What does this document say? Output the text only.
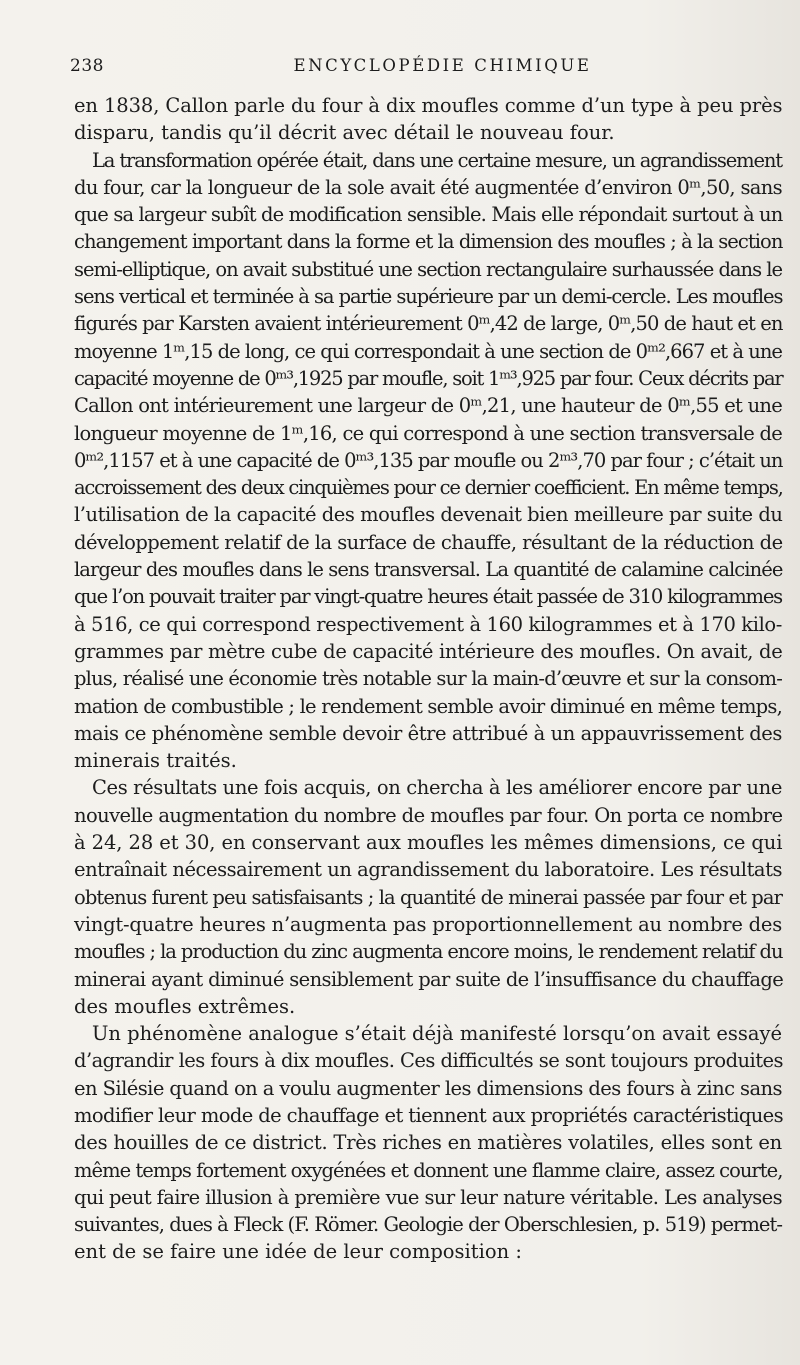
238	ENCYCLOPÉDIE CHIMIQUE
en 1838, Callon parle du four à dix moufles comme d’un type à peu près
disparu, tandis qu’il décrit avec détail le nouveau four.
La transformation opérée était, dans une certaine mesure, un agrandissement
du four, car la longueur de la sole avait été augmentée d’environ 0ᵐ,50, sans
que sa largeur subît de modification sensible. Mais elle répondait surtout à un
changement important dans la forme et la dimension des moufles ; à la section
semi-elliptique, on avait substitué une section rectangulaire surhaussée dans le
sens vertical et terminée à sa partie supérieure par un demi-cercle. Les moufles
figurés par Karsten avaient intérieurement 0ᵐ,42 de large, 0ᵐ,50 de haut et en
moyenne 1ᵐ,15 de long, ce qui correspondait à une section de 0ᵐ²,667 et à une
capacité moyenne de 0ᵐ³,1925 par moufle, soit 1ᵐ³,925 par four. Ceux décrits par
Callon ont intérieurement une largeur de 0ᵐ,21, une hauteur de 0ᵐ,55 et une
longueur moyenne de 1ᵐ,16, ce qui correspond à une section transversale de
0ᵐ²,1157 et à une capacité de 0ᵐ³,135 par moufle ou 2ᵐ³,70 par four ; c’était un
accroissement des deux cinquièmes pour ce dernier coefficient. En même temps,
l’utilisation de la capacité des moufles devenait bien meilleure par suite du
développement relatif de la surface de chauffe, résultant de la réduction de
largeur des moufles dans le sens transversal. La quantité de calamine calcinée
que l’on pouvait traiter par vingt-quatre heures était passée de 310 kilogrammes
à 516, ce qui correspond respectivement à 160 kilogrammes et à 170 kilo-
grammes par mètre cube de capacité intérieure des moufles. On avait, de
plus, réalisé une économie très notable sur la main-d’œuvre et sur la consom-
mation de combustible ; le rendement semble avoir diminué en même temps,
mais ce phénomène semble devoir être attribué à un appauvrissement des
minerais traités.
Ces résultats une fois acquis, on chercha à les améliorer encore par une
nouvelle augmentation du nombre de moufles par four. On porta ce nombre
à 24, 28 et 30, en conservant aux moufles les mêmes dimensions, ce qui
entraînait nécessairement un agrandissement du laboratoire. Les résultats
obtenus furent peu satisfaisants ; la quantité de minerai passée par four et par
vingt-quatre heures n’augmenta pas proportionnellement au nombre des
moufles ; la production du zinc augmenta encore moins, le rendement relatif du
minerai ayant diminué sensiblement par suite de l’insuffisance du chauffage
des moufles extrêmes.
Un phénomène analogue s’était déjà manifesté lorsqu’on avait essayé
d’agrandir les fours à dix moufles. Ces difficultés se sont toujours produites
en Silésie quand on a voulu augmenter les dimensions des fours à zinc sans
modifier leur mode de chauffage et tiennent aux propriétés caractéristiques
des houilles de ce district. Très riches en matières volatiles, elles sont en
même temps fortement oxygénées et donnent une flamme claire, assez courte,
qui peut faire illusion à première vue sur leur nature véritable. Les analyses
suivantes, dues à Fleck (F. Römer. Geologie der Oberschlesien, p. 519) permet-
ent de se faire une idée de leur composition :
